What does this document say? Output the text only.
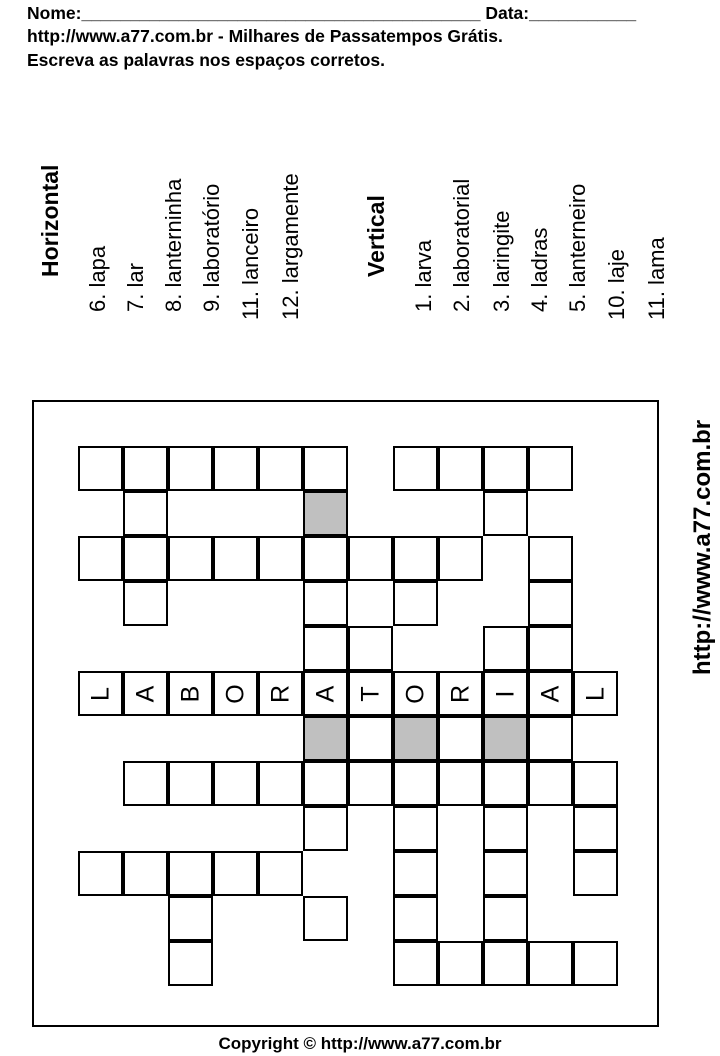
Nome:_________________________________________ Data:___________
http://www.a77.com.br - Milhares de Passatempos Grátis.
Escreva as palavras nos espaços corretos.
Horizontal
6. lapa 7. lar 8. lanterninha 9. laboratório 11. lanceiro 12. largamente	Vertical 1. larva 2. laboratorial 3. laringite 4. ladras 5. lanterneiro 10. laje 11. lama
http://www.a77.com.br
L A B O R A T O R I A L
Copyright © http://www.a77.com.br
